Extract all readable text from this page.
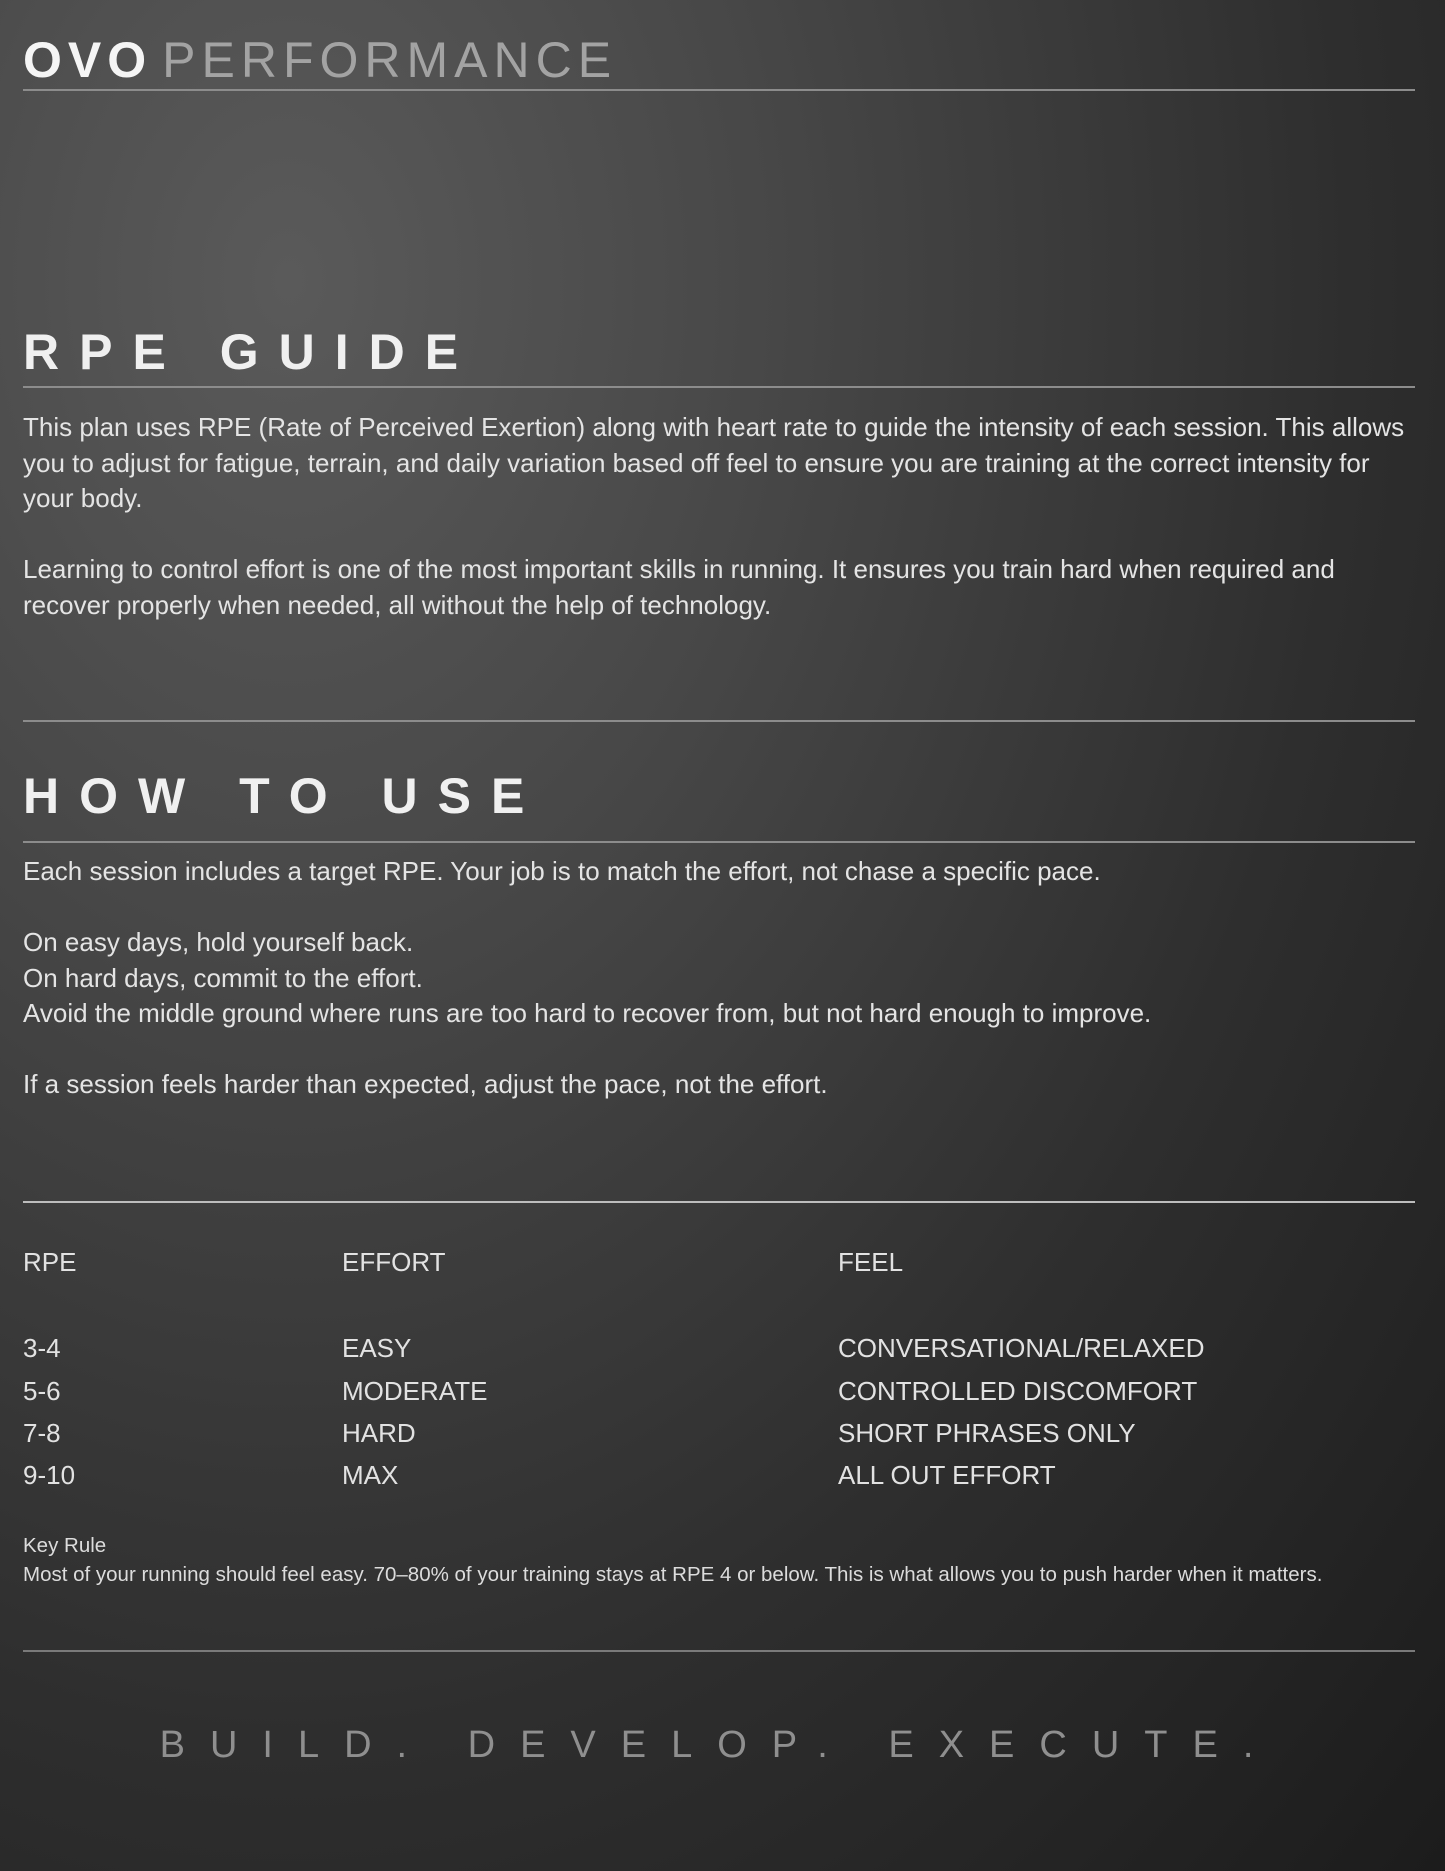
OVO PERFORMANCE
RPE GUIDE

This plan uses RPE (Rate of Perceived Exertion) along with heart rate to guide the intensity of each session. This allows you to adjust for fatigue, terrain, and daily variation based off feel to ensure you are training at the correct intensity for your body.

Learning to control effort is one of the most important skills in running. It ensures you train hard when required and recover properly when needed, all without the help of technology.

HOW TO USE

Each session includes a target RPE. Your job is to match the effort, not chase a specific pace.

On easy days, hold yourself back.

On hard days, commit to the effort.

Avoid the middle ground where runs are too hard to recover from, but not hard enough to improve.

If a session feels harder than expected, adjust the pace, not the effort.

RPE	EFFORT	FEEL
3-4	EASY	CONVERSATIONAL/RELAXED
5-6	MODERATE	CONTROLLED DISCOMFORT
7-8	HARD	SHORT PHRASES ONLY
9-10	MAX	ALL OUT EFFORT

Key Rule

Most of your running should feel easy. 70–80% of your training stays at RPE 4 or below. This is what allows you to push harder when it matters.

BUILD. DEVELOP. EXECUTE.
